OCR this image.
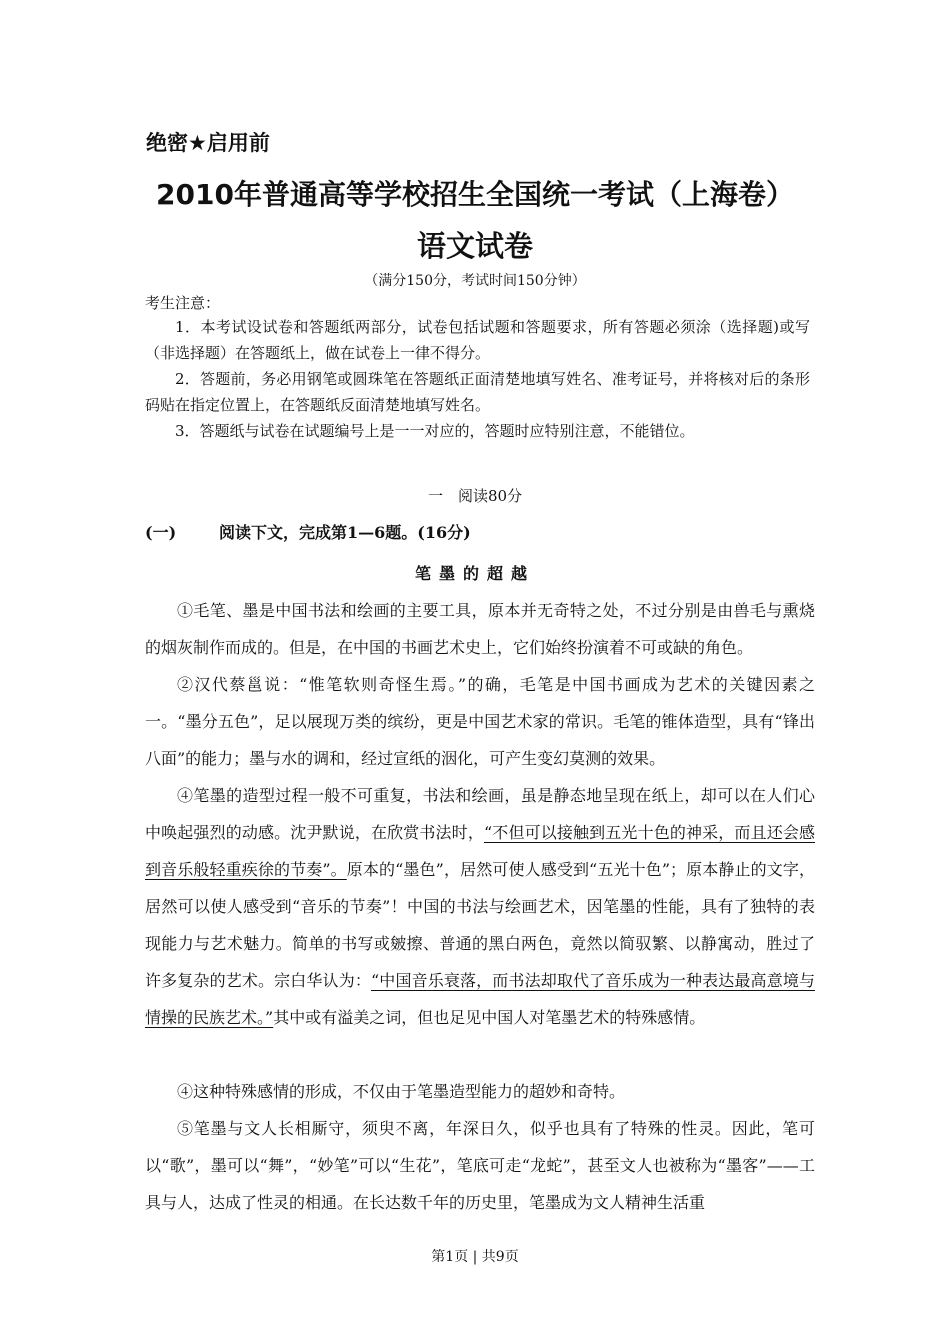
绝密★启用前
2010年普通高等学校招生全国统一考试（上海卷）
语文试卷
（满分150分，考试时间150分钟）
考生注意：
1．本考试设试卷和答题纸两部分，试卷包括试题和答题要求，所有答题必须涂（选择题)或写（非选择题）在答题纸上，做在试卷上一律不得分。
2．答题前，务必用钢笔或圆珠笔在答题纸正面清楚地填写姓名、准考证号，并将核对后的条形码贴在指定位置上，在答题纸反面清楚地填写姓名。
3．答题纸与试卷在试题编号上是一一对应的，答题时应特别注意，不能错位。
一　阅读80分
(一)	阅读下文，完成第1—6题。(16分)
笔墨的超越
①毛笔、墨是中国书法和绘画的主要工具，原本并无奇特之处，不过分别是由兽毛与熏烧的烟灰制作而成的。但是，在中国的书画艺术史上，它们始终扮演着不可或缺的角色。
②汉代蔡邕说：“惟笔软则奇怪生焉。”的确，毛笔是中国书画成为艺术的关键因素之一。“墨分五色”，足以展现万类的缤纷，更是中国艺术家的常识。毛笔的锥体造型，具有“锋出八面”的能力；墨与水的调和，经过宣纸的洇化，可产生变幻莫测的效果。
④笔墨的造型过程一般不可重复，书法和绘画，虽是静态地呈现在纸上，却可以在人们心中唤起强烈的动感。沈尹默说，在欣赏书法时，“不但可以接触到五光十色的神采，而且还会感到音乐般轻重疾徐的节奏”。原本的“墨色”，居然可使人感受到“五光十色”；原本静止的文字，居然可以使人感受到“音乐的节奏”！中国的书法与绘画艺术，因笔墨的性能，具有了独特的表现能力与艺术魅力。简单的书写或皴擦、普通的黑白两色，竟然以简驭繁、以静寓动，胜过了许多复杂的艺术。宗白华认为：“中国音乐衰落，而书法却取代了音乐成为一种表达最高意境与情操的民族艺术。”其中或有溢美之词，但也足见中国人对笔墨艺术的特殊感情。
④这种特殊感情的形成，不仅由于笔墨造型能力的超妙和奇特。
⑤笔墨与文人长相厮守，须臾不离，年深日久，似乎也具有了特殊的性灵。因此，笔可以“歌”，墨可以“舞”，“妙笔”可以“生花”，笔底可走“龙蛇”，甚至文人也被称为“墨客”——工具与人，达成了性灵的相通。在长达数千年的历史里，笔墨成为文人精神生活重
第1页 | 共9页
